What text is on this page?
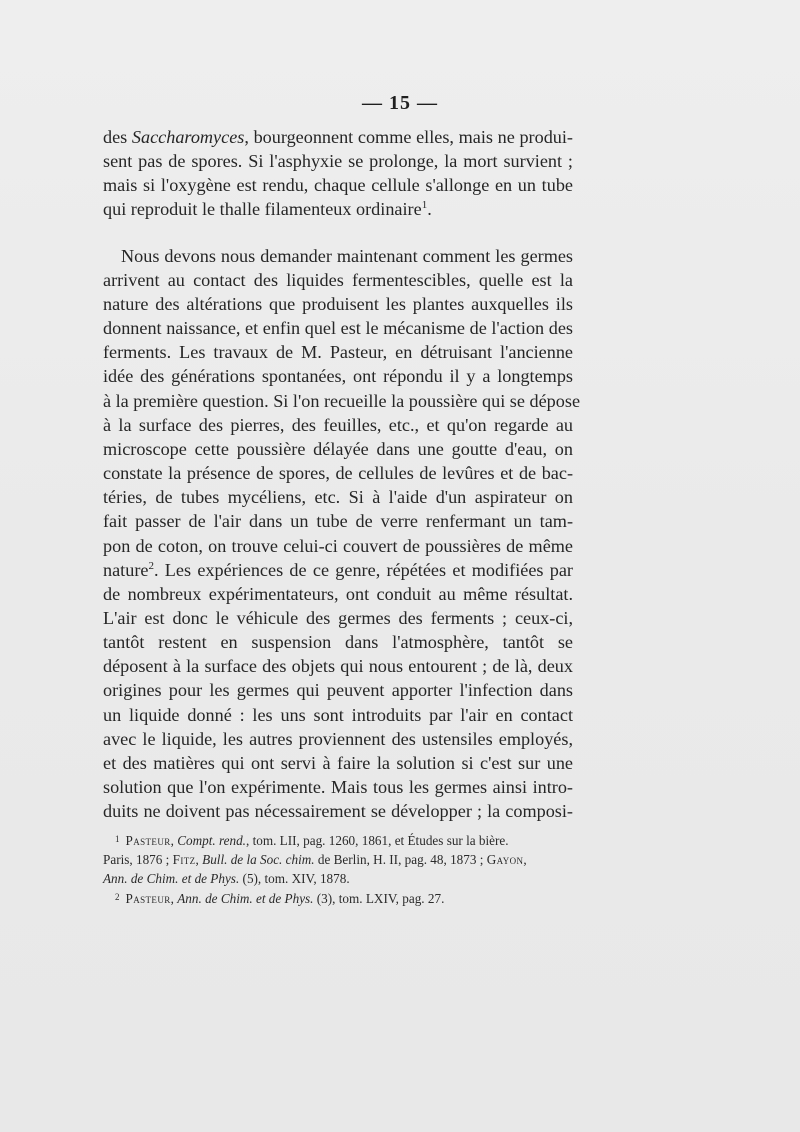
— 15 —
des Saccharomyces, bourgeonnent comme elles, mais ne produi-
sent pas de spores. Si l'asphyxie se prolonge, la mort survient ;
mais si l'oxygène est rendu, chaque cellule s'allonge en un tube
qui reproduit le thalle filamenteux ordinaire$^1$.
Nous devons nous demander maintenant comment les germes
arrivent au contact des liquides fermentescibles, quelle est la
nature des altérations que produisent les plantes auxquelles ils
donnent naissance, et enfin quel est le mécanisme de l'action des
ferments. Les travaux de M. Pasteur, en détruisant l'ancienne
idée des générations spontanées, ont répondu il y a longtemps
à la première question. Si l'on recueille la poussière qui se dépose
à la surface des pierres, des feuilles, etc., et qu'on regarde au
microscope cette poussière délayée dans une goutte d'eau, on
constate la présence de spores, de cellules de levûres et de bac-
téries, de tubes mycéliens, etc. Si à l'aide d'un aspirateur on
fait passer de l'air dans un tube de verre renfermant un tam-
pon de coton, on trouve celui-ci couvert de poussières de même
nature$^2$. Les expériences de ce genre, répétées et modifiées par
de nombreux expérimentateurs, ont conduit au même résultat.
L'air est donc le véhicule des germes des ferments ; ceux-ci,
tantôt restent en suspension dans l'atmosphère, tantôt se
déposent à la surface des objets qui nous entourent ; de là, deux
origines pour les germes qui peuvent apporter l'infection dans
un liquide donné : les uns sont introduits par l'air en contact
avec le liquide, les autres proviennent des ustensiles employés,
et des matières qui ont servi à faire la solution si c'est sur une
solution que l'on expérimente. Mais tous les germes ainsi intro-
duits ne doivent pas nécessairement se développer ; la composi-
$^1$ Pasteur, Compt. rend., tom. LII, pag. 1260, 1861, et Études sur la bière.
Paris, 1876 ; Fitz, Bull. de la Soc. chim. de Berlin, H. II, pag. 48, 1873 ; Gayon,
Ann. de Chim. et de Phys. (5), tom. XIV, 1878.
$^2$ Pasteur, Ann. de Chim. et de Phys. (3), tom. LXIV, pag. 27.
